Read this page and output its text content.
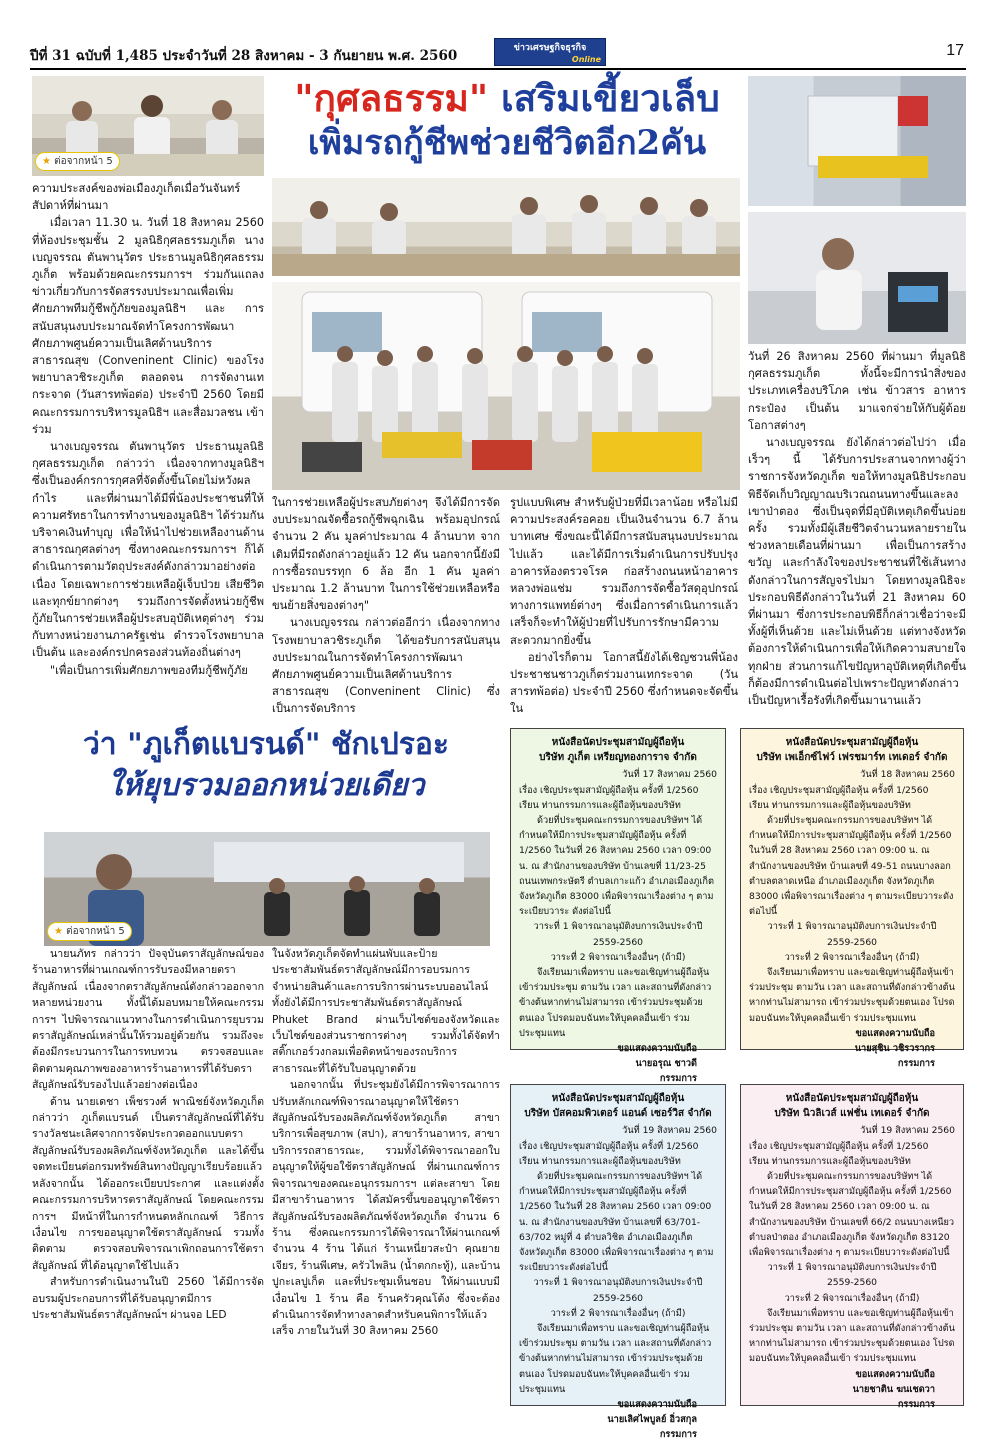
ปีที่ 31 ฉบับที่ 1,485 ประจำวันที่ 28 สิงหาคม - 3 กันยายน พ.ศ. 2560	ข่าวเศรษฐกิจธุรกิจ
Online
17
★ ต่อจากหน้า 5
"กุศลธรรม" เสริมเขี้ยวเล็บ
เพิ่มรถกู้ชีพช่วยชีวิตอีก2คัน

ความประสงค์ของพ่อเมืองภูเก็ตเมื่อวันจันทร์สัปดาห์ที่ผ่านมา

เมื่อเวลา 11.30 น. วันที่ 18 สิงหาคม 2560 ที่ห้องประชุมชั้น 2 มูลนิธิกุศลธรรมภูเก็ต นางเบญจรรณ ตันพานุวัตร ประธานมูลนิธิกุศลธรรมภูเก็ต พร้อมด้วยคณะกรรมการฯ ร่วมกันแถลงข่าวเกี่ยวกับการจัดสรรงบประมาณเพื่อเพิ่มศักยภาพทีมกู้ชีพกู้ภัยของมูลนิธิฯ และ การสนับสนุนงบประมาณจัดทำโครงการพัฒนาศักยภาพศูนย์ความเป็นเลิศด้านบริการสาธารณสุข (Conveninent Clinic) ของโรงพยาบาลวชิระภูเก็ต ตลอดจน การจัดงานเทกระจาด (วันสารทพ้อต่อ) ประจำปี 2560 โดยมี คณะกรรมการบริหารมูลนิธิฯ และสื่อมวลชน เข้าร่วม

นางเบญจรรณ ตันพานุวัตร ประธานมูลนิธิกุศลธรรมภูเก็ต กล่าวว่า เนื่องจากทางมูลนิธิฯ ซึ่งเป็นองค์กรการกุศลที่จัดตั้งขึ้นโดยไม่หวังผลกำไร และที่ผ่านมาได้มีพี่น้องประชาชนที่ให้ความศรัทธาในการทำงานของมูลนิธิฯ ได้ร่วมกันบริจาคเงินทำบุญ เพื่อให้นำไปช่วยเหลืองานด้านสาธารณกุศลต่างๆ ซึ่งทางคณะกรรมการฯ ก็ได้ดำเนินการตามวัตถุประสงค์ดังกล่าวมาอย่างต่อเนื่อง โดยเฉพาะการช่วยเหลือผู้เจ็บป่วย เสียชีวิตและทุกข์ยากต่างๆ รวมถึงการจัดตั้งหน่วยกู้ชีพกู้ภัยในการช่วยเหลือผู้ประสบอุบัติเหตุต่างๆ ร่วมกับทางหน่วยงานภาครัฐเช่น ตำรวจโรงพยาบาล เป็นต้น และองค์กรปกครองส่วนท้องถิ่นต่างๆ

"เพื่อเป็นการเพิ่มศักยภาพของทีมกู้ชีพกู้ภัย

ในการช่วยเหลือผู้ประสบภัยต่างๆ จึงได้มีการจัดงบประมาณจัดซื้อรถกู้ชีพฉุกเฉิน พร้อมอุปกรณ์ จำนวน 2 คัน มูลค่าประมาณ 4 ล้านบาท จากเดิมที่มีรถดังกล่าวอยู่แล้ว 12 คัน นอกจากนี้ยังมีการซื้อรถบรรทุก 6 ล้อ อีก 1 คัน มูลค่าประมาณ 1.2 ล้านบาท ในการใช้ช่วยเหลือหรือขนย้ายสิ่งของต่างๆ"

นางเบญจรรณ กล่าวต่ออีกว่า เนื่องจากทางโรงพยาบาลวชิระภูเก็ต ได้ขอรับการสนับสนุนงบประมาณในการจัดทำโครงการพัฒนาศักยภาพศูนย์ความเป็นเลิศด้านบริการสาธารณสุข (Conveninent Clinic) ซึ่งเป็นการจัดบริการ

รูปแบบพิเศษ สำหรับผู้ป่วยที่มีเวลาน้อย หรือไม่มีความประสงค์รอคอย เป็นเงินจำนวน 6.7 ล้านบาทเศษ ซึ่งขณะนี้ได้มีการสนับสนุนงบประมาณไปแล้ว และได้มีการเริ่มดำเนินการปรับปรุงอาคารห้องตรวจโรค ก่อสร้างถนนหน้าอาคารหลวงพ่อแช่ม รวมถึงการจัดซื้อวัสดุอุปกรณ์ทางการแพทย์ต่างๆ ซึ่งเมื่อการดำเนินการแล้วเสร็จก็จะทำให้ผู้ป่วยที่ไปรับการรักษามีความสะดวกมากยิ่งขึ้น

อย่างไรก็ตาม โอกาสนี้ยังได้เชิญชวนพี่น้องประชาชนชาวภูเก็ตร่วมงานเทกระจาด (วันสารทพ้อต่อ) ประจำปี 2560 ซึ่งกำหนดจะจัดขึ้นใน

วันที่ 26 สิงหาคม 2560 ที่ผ่านมา ที่มูลนิธิกุศลธรรมภูเก็ต ทั้งนี้จะมีการนำสิ่งของประเภทเครื่องบริโภค เช่น ข้าวสาร อาหารกระป๋อง เป็นต้น มาแจกจ่ายให้กับผู้ด้อยโอกาสต่างๆ

นางเบญจรรณ ยังได้กล่าวต่อไปว่า เมื่อเร็วๆ นี้ ได้รับการประสานจากทางผู้ว่าราชการจังหวัดภูเก็ต ขอให้ทางมูลนิธิประกอบพิธีจัดเก็บวิญญาณบริเวณถนนทางขึ้นและลงเขาป่าตอง ซึ่งเป็นจุดที่มีอุบัติเหตุเกิดขึ้นบ่อยครั้ง รวมทั้งมีผู้เสียชีวิตจำนวนหลายรายในช่วงหลายเดือนที่ผ่านมา เพื่อเป็นการสร้างขวัญ และกำลังใจของประชาชนที่ใช้เส้นทางดังกล่าวในการสัญจรไปมา โดยทางมูลนิธิจะประกอบพิธีดังกล่าวในวันที่ 21 สิงหาคม 60 ที่ผ่านมา ซึ่งการประกอบพิธีก็กล่าวเชื่อว่าจะมีทั้งผู้ที่เห็นด้วย และไม่เห็นด้วย แต่ทางจังหวัดต้องการให้ดำเนินการเพื่อให้เกิดความสบายใจทุกฝ่าย ส่วนการแก้ไขปัญหาอุบัติเหตุที่เกิดขึ้นก็ต้องมีการดำเนินต่อไปเพราะปัญหาดังกล่าวเป็นปัญหาเรื้อรังที่เกิดขึ้นมานานแล้ว

ว่า "ภูเก็ตแบรนด์" ชักเปรอะ
ให้ยุบรวมออกหน่วยเดียว
★ ต่อจากหน้า 5

นายนภัทร กล่าวว่า ปัจจุบันตราสัญลักษณ์ของร้านอาหารที่ผ่านเกณฑ์การรับรองมีหลายตราสัญลักษณ์ เนื่องจากตราสัญลักษณ์ดังกล่าวออกจากหลายหน่วยงาน ทั้งนี้ได้มอบหมายให้คณะกรรมการฯ ไปพิจารณาแนวทางในการดำเนินการยุบรวมตราสัญลักษณ์เหล่านั้นให้รวมอยู่ด้วยกัน รวมถึงจะต้องมีกระบวนการในการทบทวน ตรวจสอบและติดตามคุณภาพของอาหารร้านอาหารที่ได้รับตราสัญลักษณ์รับรองไปแล้วอย่างต่อเนื่อง

ด้าน นายเดชา เพ็ชรวงศ์ พาณิชย์จังหวัดภูเก็ต กล่าวว่า ภูเก็ตแบรนด์ เป็นตราสัญลักษณ์ที่ได้รับรางวัลชนะเลิศจากการจัดประกวดออกแบบตราสัญลักษณ์รับรองผลิตภัณฑ์จังหวัดภูเก็ต และได้ขึ้นจดทะเบียนต่อกรมทรัพย์สินทางปัญญาเรียบร้อยแล้ว หลังจากนั้น ได้ออกระเบียบประกาศ และแต่งตั้งคณะกรรมการบริหารตราสัญลักษณ์ โดยคณะกรรมการฯ มีหน้าที่ในการกำหนดหลักเกณฑ์ วิธีการ เงื่อนไข การขออนุญาตใช้ตราสัญลักษณ์ รวมทั้งติดตาม ตรวจสอบพิจารณาเพิกถอนการใช้ตราสัญลักษณ์ ที่ได้อนุญาตใช้ไปแล้ว

สำหรับการดำเนินงานในปี 2560 ได้มีการจัดอบรมผู้ประกอบการที่ได้รับอนุญาตมีการประชาสัมพันธ์ตราสัญลักษณ์ฯ ผ่านจอ LED

ในจังหวัดภูเก็ตจัดทำแผ่นพับและป้ายประชาสัมพันธ์ตราสัญลักษณ์มีการอบรมการจำหน่ายสินค้าและการบริการผ่านระบบออนไลน์ ทั้งยังได้มีการประชาสัมพันธ์ตราสัญลักษณ์ Phuket Brand ผ่านเว็บไซต์ของจังหวัดและเว็บไซต์ของส่วนราชการต่างๆ รวมทั้งได้จัดทำสติ๊กเกอร์วงกลมเพื่อติดหน้าของรถบริการสาธารณะที่ได้รับใบอนุญาตด้วย

นอกจากนั้น ที่ประชุมยังได้มีการพิจารณาการปรับหลักเกณฑ์พิจารณาอนุญาตให้ใช้ตราสัญลักษณ์รับรองผลิตภัณฑ์จังหวัดภูเก็ต สาขาบริการเพื่อสุขภาพ (สปา), สาขาร้านอาหาร, สาขาบริการรถสาธารณะ, รวมทั้งได้พิจารณาออกใบอนุญาตให้ผู้ขอใช้ตราสัญลักษณ์ ที่ผ่านเกณฑ์การพิจารณาของคณะอนุกรรมการฯ แต่ละสาขา โดยมีสาขาร้านอาหาร ได้สมัครขึ้นขออนุญาตใช้ตราสัญลักษณ์รับรองผลิตภัณฑ์จังหวัดภูเก็ต จำนวน 6 ร้าน ซึ่งคณะกรรมการได้พิจารณาให้ผ่านเกณฑ์ จำนวน 4 ร้าน ได้แก่ ร้านเหนี่ยวสะป๋า คุณยายเจียร, ร้านพีเศษ, ครัวไพลิน (น้ำตกกะทู้), และบ้านปูกะเลปูเก็ต และที่ประชุมเห็นชอบ ให้ผ่านแบบมีเงื่อนไข 1 ร้าน คือ ร้านครัวคุณโต้ง ซึ่งจะต้องดำเนินการจัดทำทางลาดสำหรับคนพิการให้แล้วเสร็จ ภายในวันที่ 30 สิงหาคม 2560

หนังสือนัดประชุมสามัญผู้ถือหุ้น
บริษัท ภูเก็ต เหรียญทองการาจ จำกัด
วันที่ 17 สิงหาคม 2560
เรื่อง เชิญประชุมสามัญผู้ถือหุ้น ครั้งที่ 1/2560
เรียน ท่านกรรมการและผู้ถือหุ้นของบริษัท
ด้วยที่ประชุมคณะกรรมการของบริษัทฯ ได้กำหนดให้มีการประชุมสามัญผู้ถือหุ้น ครั้งที่ 1/2560 ในวันที่ 26 สิงหาคม 2560 เวลา 09:00 น. ณ สำนักงานของบริษัท บ้านเลขที่ 11/23-25 ถนนเทพกระษัตรี ตำบลเกาะแก้ว อำเภอเมืองภูเก็ต จังหวัดภูเก็ต 83000 เพื่อพิจารณาเรื่องต่าง ๆ ตามระเบียบวาระ ดังต่อไปนี้
วาระที่ 1 พิจารณาอนุมัติงบการเงินประจำปี
2559-2560
วาระที่ 2 พิจารณาเรื่องอื่นๆ (ถ้ามี)
จึงเรียนมาเพื่อทราบ และขอเชิญท่านผู้ถือหุ้นเข้าร่วมประชุม ตามวัน เวลา และสถานที่ดังกล่าวข้างต้นหากท่านไม่สามารถ เข้าร่วมประชุมด้วยตนเอง โปรดมอบฉันทะให้บุคคลอื่นเข้า ร่วมประชุมแทน
ขอแสดงความนับถือ
นายอรุณ ชาวดี
กรรมการ
หนังสือนัดประชุมสามัญผู้ถือหุ้น
บริษัท เพเอ็กซ์ไฟว์ เฟรชมาร์ท เทเดอร์ จำกัด
วันที่ 18 สิงหาคม 2560
เรื่อง เชิญประชุมสามัญผู้ถือหุ้น ครั้งที่ 1/2560
เรียน ท่านกรรมการและผู้ถือหุ้นของบริษัท
ด้วยที่ประชุมคณะกรรมการของบริษัทฯ ได้กำหนดให้มีการประชุมสามัญผู้ถือหุ้น ครั้งที่ 1/2560 ในวันที่ 28 สิงหาคม 2560 เวลา 09:00 น. ณ สำนักงานของบริษัท บ้านเลขที่ 49-51 ถนนบางลอก ตำบลตลาดเหนือ อำเภอเมืองภูเก็ต จังหวัดภูเก็ต 83000 เพื่อพิจารณาเรื่องต่าง ๆ ตามระเบียบวาระดังต่อไปนี้
วาระที่ 1 พิจารณาอนุมัติงบการเงินประจำปี
2559-2560
วาระที่ 2 พิจารณาเรื่องอื่นๆ (ถ้ามี)
จึงเรียนมาเพื่อทราบ และขอเชิญท่านผู้ถือหุ้นเข้าร่วมประชุม ตามวัน เวลา และสถานที่ดังกล่าวข้างต้นหากท่านไม่สามารถ เข้าร่วมประชุมด้วยตนเอง โปรดมอบฉันทะให้บุคคลอื่นเข้า ร่วมประชุมแทน
ขอแสดงความนับถือ
นายสุชิน วชิรวรากร
กรรมการ
หนังสือนัดประชุมสามัญผู้ถือหุ้น
บริษัท บัสคอมพิวเตอร์ แอนด์ เซอร์วิส จำกัด
วันที่ 19 สิงหาคม 2560
เรื่อง เชิญประชุมสามัญผู้ถือหุ้น ครั้งที่ 1/2560
เรียน ท่านกรรมการและผู้ถือหุ้นของบริษัท
ด้วยที่ประชุมคณะกรรมการของบริษัทฯ ได้กำหนดให้มีการประชุมสามัญผู้ถือหุ้น ครั้งที่ 1/2560 ในวันที่ 28 สิงหาคม 2560 เวลา 09:00 น. ณ สำนักงานของบริษัท บ้านเลขที่ 63/701-63/702 หมู่ที่ 4 ตำบลวิชิต อำเภอเมืองภูเก็ต จังหวัดภูเก็ต 83000 เพื่อพิจารณาเรื่องต่าง ๆ ตามระเบียบวาระดังต่อไปนี้
วาระที่ 1 พิจารณาอนุมัติงบการเงินประจำปี
2559-2560
วาระที่ 2 พิจารณาเรื่องอื่นๆ (ถ้ามี)
จึงเรียนมาเพื่อทราบ และขอเชิญท่านผู้ถือหุ้นเข้าร่วมประชุม ตามวัน เวลา และสถานที่ดังกล่าวข้างต้นหากท่านไม่สามารถ เข้าร่วมประชุมด้วยตนเอง โปรดมอบฉันทะให้บุคคลอื่นเข้า ร่วมประชุมแทน
ขอแสดงความนับถือ
นายเลิศไพบูลย์ อิ่วสกุล
กรรมการ
หนังสือนัดประชุมสามัญผู้ถือหุ้น
บริษัท นิวลิเวส์ แฟชั่น เทเดอร์ จำกัด
วันที่ 19 สิงหาคม 2560
เรื่อง เชิญประชุมสามัญผู้ถือหุ้น ครั้งที่ 1/2560
เรียน ท่านกรรมการและผู้ถือหุ้นของบริษัท
ด้วยที่ประชุมคณะกรรมการของบริษัทฯ ได้กำหนดให้มีการประชุมสามัญผู้ถือหุ้น ครั้งที่ 1/2560 ในวันที่ 28 สิงหาคม 2560 เวลา 09:00 น. ณ สำนักงานของบริษัท บ้านเลขที่ 66/2 ถนนบางเหนียว ตำบลป่าตอง อำเภอเมืองภูเก็ต จังหวัดภูเก็ต 83120 เพื่อพิจารณาเรื่องต่าง ๆ ตามระเบียบวาระดังต่อไปนี้
วาระที่ 1 พิจารณาอนุมัติงบการเงินประจำปี
2559-2560
วาระที่ 2 พิจารณาเรื่องอื่นๆ (ถ้ามี)
จึงเรียนมาเพื่อทราบ และขอเชิญท่านผู้ถือหุ้นเข้าร่วมประชุม ตามวัน เวลา และสถานที่ดังกล่าวข้างต้นหากท่านไม่สามารถ เข้าร่วมประชุมด้วยตนเอง โปรดมอบฉันทะให้บุคคลอื่นเข้า ร่วมประชุมแทน
ขอแสดงความนับถือ
นายชาติน ฆนเชดวา
กรรมการ
